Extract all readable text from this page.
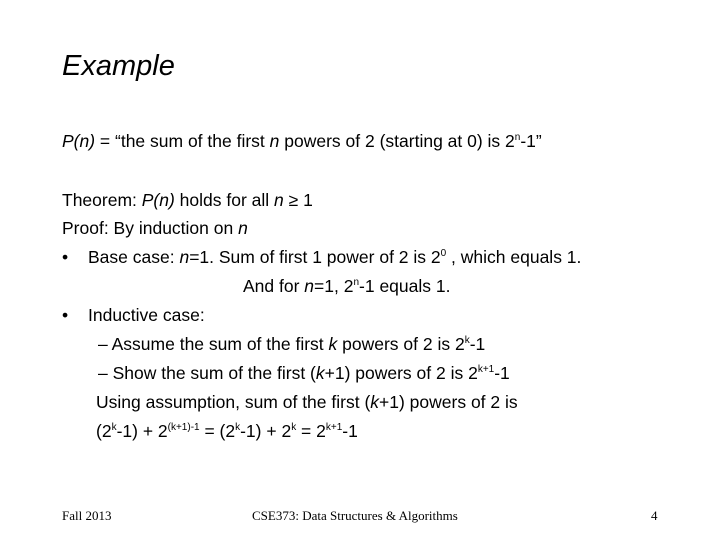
Example
P(n) = “the sum of the first n powers of 2 (starting at 0) is 2$^n$-1”
Theorem: P(n) holds for all n ≥ 1
Proof: By induction on n
• Base case: n=1. Sum of first 1 power of 2 is $2^0$ , which equals 1.
And for n=1, 2$^n$-1 equals 1.
• Inductive case:
– Assume the sum of the first k powers of 2 is 2$^k$-1
– Show the sum of the first (k+1) powers of 2 is $2^{k+1}-1$
Using assumption, sum of the first (k+1) powers of 2 is
$(2^k-1) + 2^{(k+1)-1} = (2^k-1) + 2^k = 2^{k+1}-1$
Fall 2013	CSE373: Data Structures & Algorithms	4
